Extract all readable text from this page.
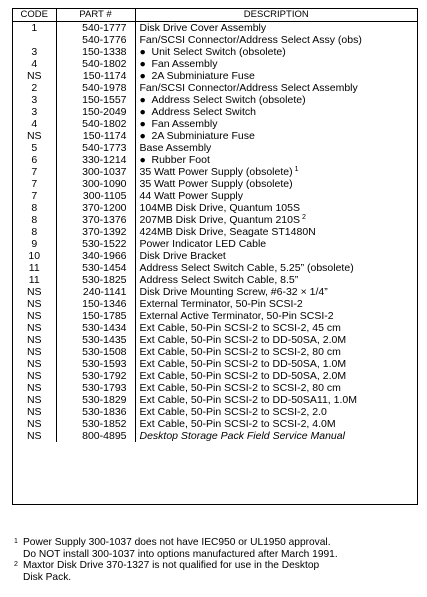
CODE	PART #	DESCRIPTION
1	540-1777	Disk Drive Cover Assembly
	540-1776	Fan/SCSI Connector/Address Select Assy (obs)
3	150-1338	● Unit Select Switch (obsolete)
4	540-1802	● Fan Assembly
NS	150-1174	● 2A Subminiature Fuse
2	540-1978	Fan/SCSI Connector/Address Select Assembly
3	150-1557	● Address Select Switch (obsolete)
3	150-2049	● Address Select Switch
4	540-1802	● Fan Assembly
NS	150-1174	● 2A Subminiature Fuse
5	540-1773	Base Assembly
6	330-1214	● Rubber Foot
7	300-1037	35 Watt Power Supply (obsolete) $^1$
7	300-1090	35 Watt Power Supply (obsolete)
7	300-1105	44 Watt Power Supply
8	370-1200	104MB Disk Drive, Quantum 105S
8	370-1376	207MB Disk Drive, Quantum 210S $^2$
8	370-1392	424MB Disk Drive, Seagate ST1480N
9	530-1522	Power Indicator LED Cable
10	340-1966	Disk Drive Bracket
11	530-1454	Address Select Switch Cable, 5.25” (obsolete)
11	530-1825	Address Select Switch Cable, 8.5”
NS	240-1141	Disk Drive Mounting Screw, #6-32 × 1/4”
NS	150-1346	External Terminator, 50-Pin SCSI-2
NS	150-1785	External Active Terminator, 50-Pin SCSI-2
NS	530-1434	Ext Cable, 50-Pin SCSI-2 to SCSI-2, 45 cm
NS	530-1435	Ext Cable, 50-Pin SCSI-2 to DD-50SA, 2.0M
NS	530-1508	Ext Cable, 50-Pin SCSI-2 to SCSI-2, 80 cm
NS	530-1593	Ext Cable, 50-Pin SCSI-2 to DD-50SA, 1.0M
NS	530-1792	Ext Cable, 50-Pin SCSI-2 to DD-50SA, 2.0M
NS	530-1793	Ext Cable, 50-Pin SCSI-2 to SCSI-2, 80 cm
NS	530-1829	Ext Cable, 50-Pin SCSI-2 to DD-50SA11, 1.0M
NS	530-1836	Ext Cable, 50-Pin SCSI-2 to SCSI-2, 2.0
NS	530-1852	Ext Cable, 50-Pin SCSI-2 to SCSI-2, 4.0M
NS	800-4895	Desktop Storage Pack Field Service Manual
1 Power Supply 300-1037 does not have IEC950 or UL1950 approval.
Do NOT install 300-1037 into options manufactured after March 1991.
2 Maxtor Disk Drive 370-1327 is not qualified for use in the Desktop
Disk Pack.
